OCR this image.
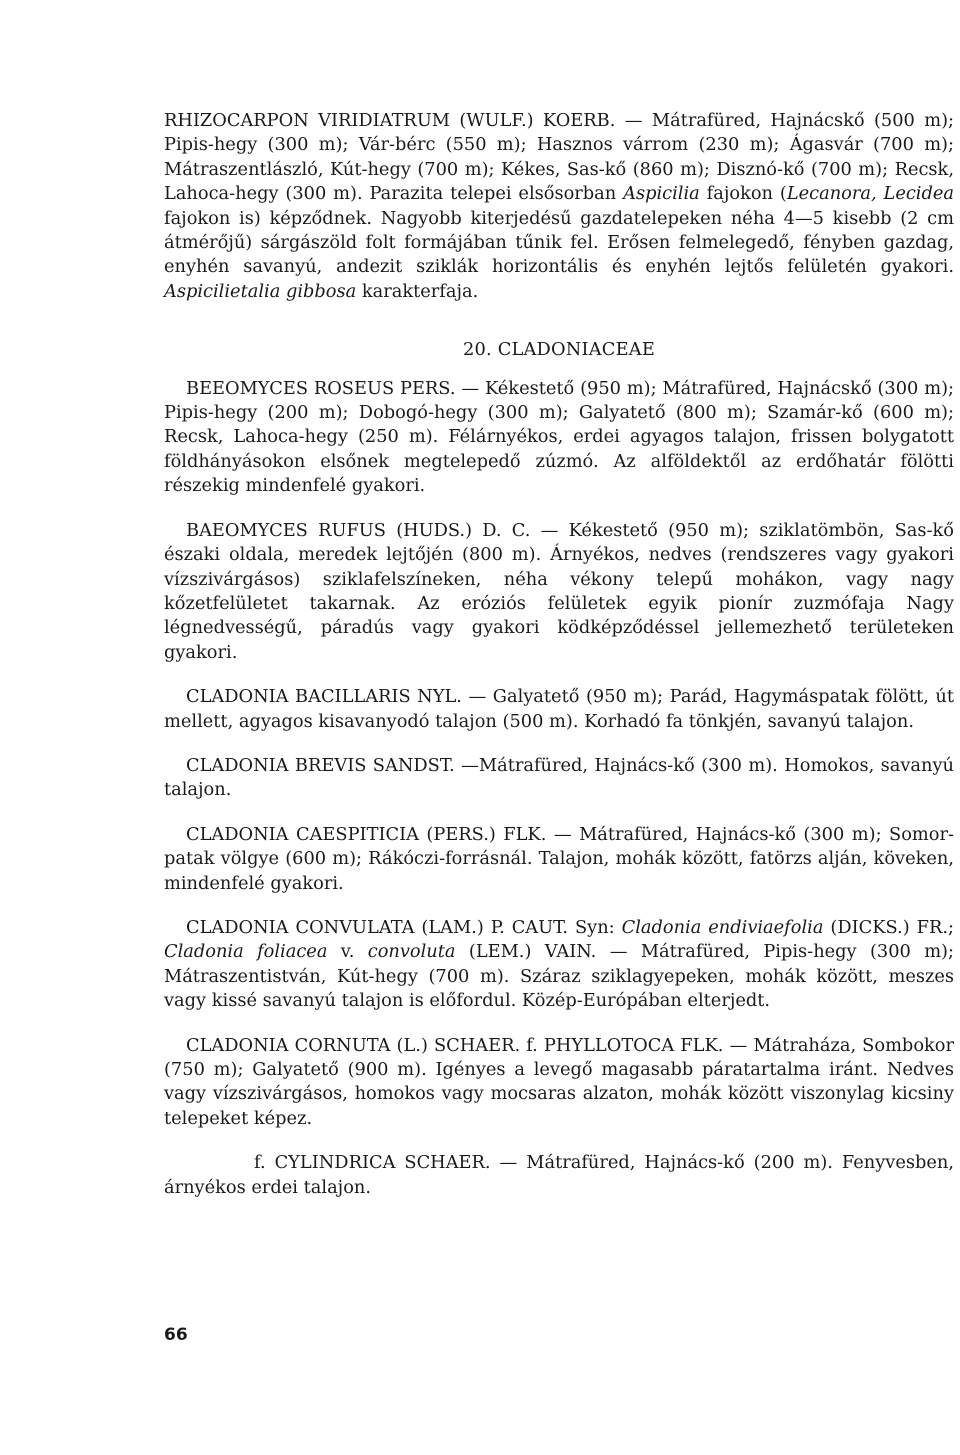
RHIZOCARPON VIRIDIATRUM (WULF.) KOERB. — Mátrafüred, Hajnácskő (500 m); Pipis-hegy (300 m); Vár-bérc (550 m); Hasznos várrom (230 m); Ágasvár (700 m); Mátraszentlászló, Kút-hegy (700 m); Kékes, Sas-kő (860 m); Disznó-kő (700 m); Recsk, Lahoca-hegy (300 m). Parazita telepei elsősorban Aspicilia fajokon (Lecanora, Lecidea fajokon is) képződnek. Nagyobb kiterjedésű gazdatelepeken néha 4—5 kisebb (2 cm átmérőjű) sárgászöld folt formájában tűnik fel. Erősen felmelegedő, fényben gazdag, enyhén savanyú, andezit sziklák horizontális és enyhén lejtős felületén gyakori. Aspicilietalia gibbosa karakterfaja.

20. CLADONIACEAE

BEEOMYCES ROSEUS PERS. — Kékestető (950 m); Mátrafüred, Hajnácskő (300 m); Pipis-hegy (200 m); Dobogó-hegy (300 m); Galyatető (800 m); Szamár-kő (600 m); Recsk, Lahoca-hegy (250 m). Félárnyékos, erdei agyagos talajon, frissen bolygatott földhányásokon elsőnek megtelepedő zúzmó. Az alföldektől az erdőhatár fölötti részekig mindenfelé gyakori.

BAEOMYCES RUFUS (HUDS.) D. C. — Kékestető (950 m); sziklatömbön, Sas-kő északi oldala, meredek lejtőjén (800 m). Árnyékos, nedves (rendszeres vagy gyakori vízszivárgásos) sziklafelszíneken, néha vékony telepű mohákon, vagy nagy kőzetfelületet takarnak. Az eróziós felületek egyik pionír zuzmófaja Nagy légnedvességű, páradús vagy gyakori ködképződéssel jellemezhető területeken gyakori.

CLADONIA BACILLARIS NYL. — Galyatető (950 m); Parád, Hagymáspatak fölött, út mellett, agyagos kisavanyodó talajon (500 m). Korhadó fa tönkjén, savanyú talajon.

CLADONIA BREVIS SANDST. —Mátrafüred, Hajnács-kő (300 m). Homokos, savanyú talajon.

CLADONIA CAESPITICIA (PERS.) FLK. — Mátrafüred, Hajnács-kő (300 m); Somor-patak völgye (600 m); Rákóczi-forrásnál. Talajon, mohák között, fatörzs alján, köveken, mindenfelé gyakori.

CLADONIA CONVULATA (LAM.) P. CAUT. Syn: Cladonia endiviaefolia (DICKS.) FR.; Cladonia foliacea v. convoluta (LEM.) VAIN. — Mátrafüred, Pipis-hegy (300 m); Mátraszentistván, Kút-hegy (700 m). Száraz sziklagyepeken, mohák között, meszes vagy kissé savanyú talajon is előfordul. Közép-Európában elterjedt.

CLADONIA CORNUTA (L.) SCHAER. f. PHYLLOTOCA FLK. — Mátraháza, Sombokor (750 m); Galyatető (900 m). Igényes a levegő magasabb páratartalma iránt. Nedves vagy vízszivárgásos, homokos vagy mocsaras alzaton, mohák között viszonylag kicsiny telepeket képez.

f. CYLINDRICA SCHAER. — Mátrafüred, Hajnács-kő (200 m). Fenyvesben, árnyékos erdei talajon.

66
